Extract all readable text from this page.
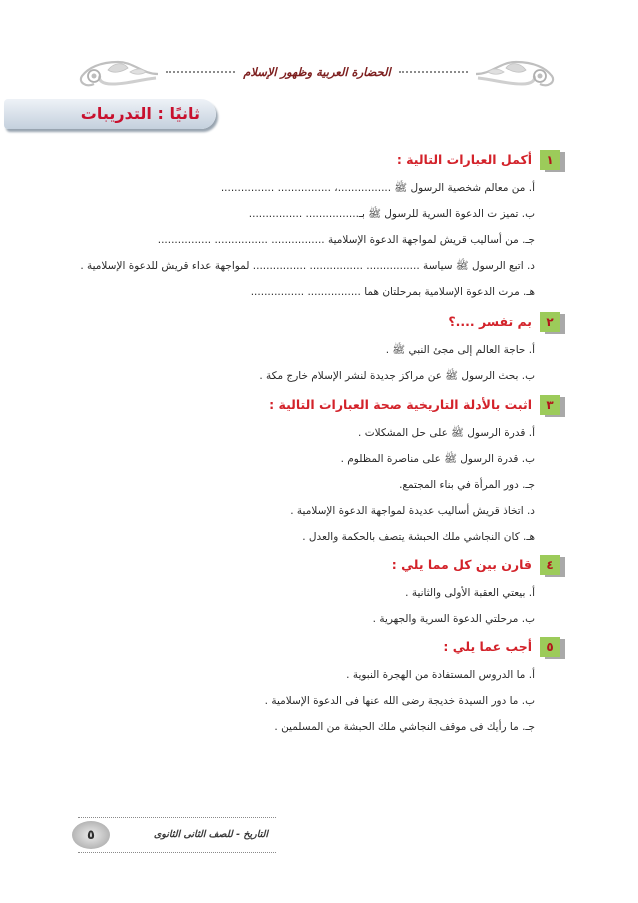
الحضارة العربية وظهور الإسلام
ثانيًا : التدريبات
١
أكمل العبارات التالية :
أ. من معالم شخصية الرسول ﷺ ................، ................ ................
ب. تميز ت الدعوة السرية للرسول ﷺ بـ................ ................
جـ. من أساليب قريش لمواجهة الدعوة الإسلامية ................ ................ ................
د. اتبع الرسول ﷺ سياسة ................ ................ ................ لمواجهة عداء قريش للدعوة الإسلامية .
هـ. مرت الدعوة الإسلامية بمرحلتان هما ................ ................
٢
بم تفسر ....؟
أ. حاجة العالم إلى مجئ النبي ﷺ .
ب. بحث الرسول ﷺ عن مراكز جديدة لنشر الإسلام خارج مكة .
٣
اثبت بالأدلة التاريخية صحة العبارات التالية :
أ. قدرة الرسول ﷺ على حل المشكلات .
ب. قدرة الرسول ﷺ على مناصرة المظلوم .
جـ. دور المرأة في بناء المجتمع.
د. اتخاذ قريش أساليب عديدة لمواجهة الدعوة الإسلامية .
هـ. كان النجاشي ملك الحبشة يتصف بالحكمة والعدل .
٤
قارن بين كل مما يلي :
أ. بيعتي العقبة الأولى والثانية .
ب. مرحلتي الدعوة السرية والجهرية .
٥
أجب عما يلي :
أ. ما الدروس المستفادة من الهجرة النبوية .
ب. ما دور السيدة خديجة رضى الله عنها فى الدعوة الإسلامية .
جـ. ما رأيك فى موقف النجاشي ملك الحبشة من المسلمين .
٥	التاريخ - للصف الثانى الثانوى
